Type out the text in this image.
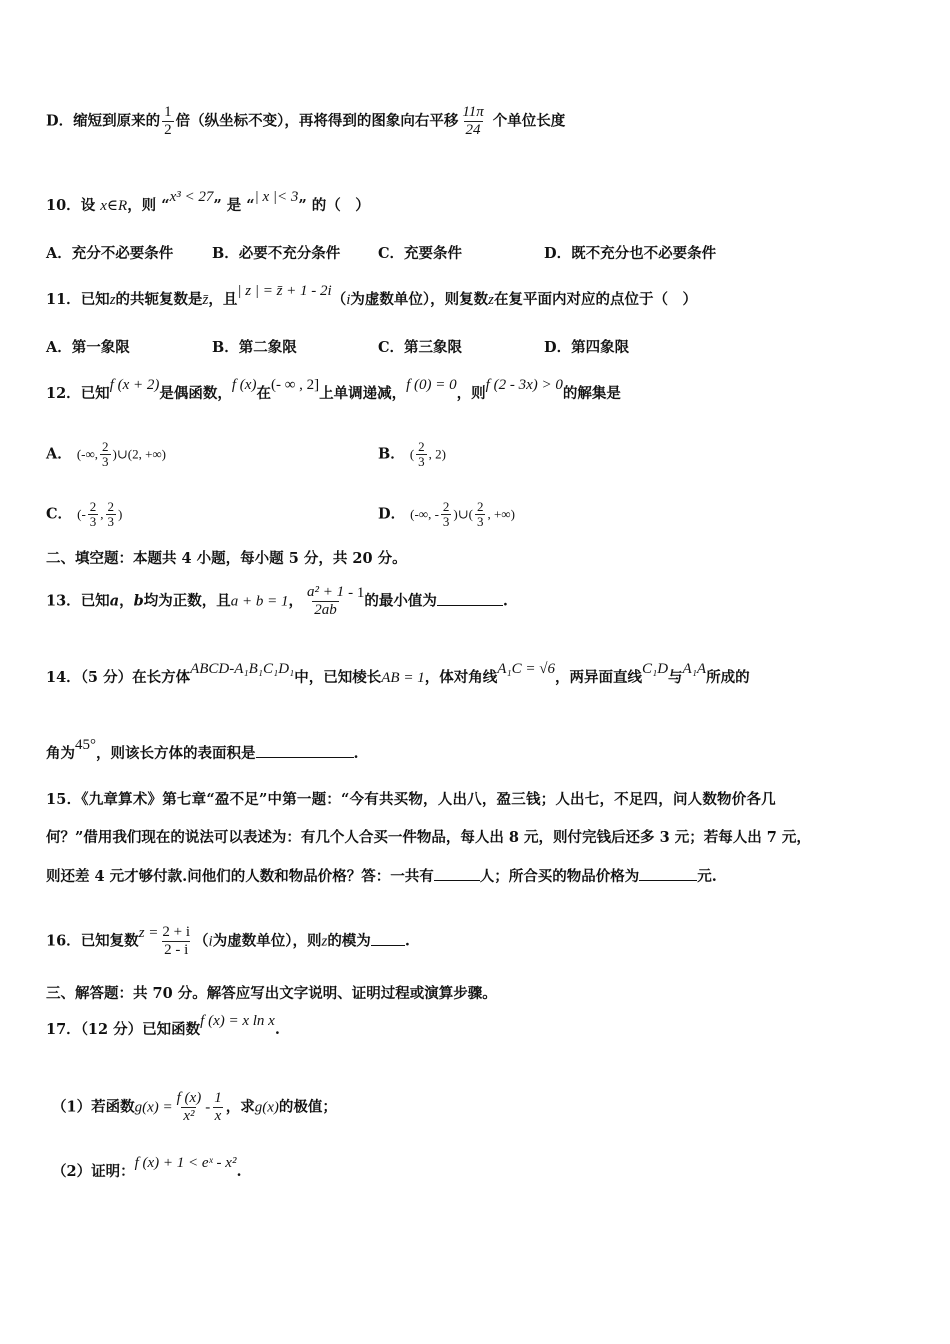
D．缩短到原来的 $\frac{1}{2}$ 倍（纵坐标不变），再将得到的图象向右平移 $\frac{11\pi}{24}$ 个单位长度
10．设 x∈R，则 “x³ < 27” 是 “| x |< 3” 的（　）
A．充分不必要条件	B．必要不充分条件	C．充要条件	D．既不充分也不必要条件
11．已知z的共轭复数是z̄，且| z | = z̄ + 1 - 2i（i为虚数单位），则复数z在复平面内对应的点位于（　）
A．第一象限	B．第二象限	C．第三象限	D．第四象限
12．已知f (x + 2)是偶函数，f (x)在(- ∞ , 2]上单调递减，f (0) = 0，则f (2 - 3x) > 0的解集是
A． (-∞, $\frac{2}{3}$ )∪(2, +∞)	B． ( $\frac{2}{3}$ , 2)
C． (- $\frac{2}{3}$ , $\frac{2}{3}$ )	D． (-∞, - $\frac{2}{3}$ )∪( $\frac{2}{3}$ , +∞)
二、填空题：本题共 4 小题，每小题 5 分，共 20 分。
13．已知a，b均为正数，且a + b = 1， $\frac{\text{a² + 1}}{2ab} - 1$的最小值为	.
14．（5 分）在长方体ABCD-A₁B₁C₁D₁中，已知棱长AB = 1，体对角线A₁C = √6，两异面直线C₁D与A₁A所成的
角为45°，则该长方体的表面积是	.
15．《九章算术》第七章“盈不足”中第一题：“今有共买物，人出八，盈三钱；人出七，不足四，问人数物价各几
何？”借用我们现在的说法可以表述为：有几个人合买一件物品，每人出 8 元，则付完钱后还多 3 元；若每人出 7 元，
则还差 4 元才够付款.问他们的人数和物品价格？答：一共有	人；所合买的物品价格为	元.
16．已知复数$z = \frac{2 + i}{2 - i} (i$为虚数单位），则z的模为 .
三、解答题：共 70 分。解答应写出文字说明、证明过程或演算步骤。
17．（12 分）已知函数f (x) = x ln x.
（1）若函数$g(x) = \frac{f (x)}{\text{x²}} - \frac{1}{x}$ ，求g(x)的极值；
（2）证明：f (x) + 1 < eˣ - x².
